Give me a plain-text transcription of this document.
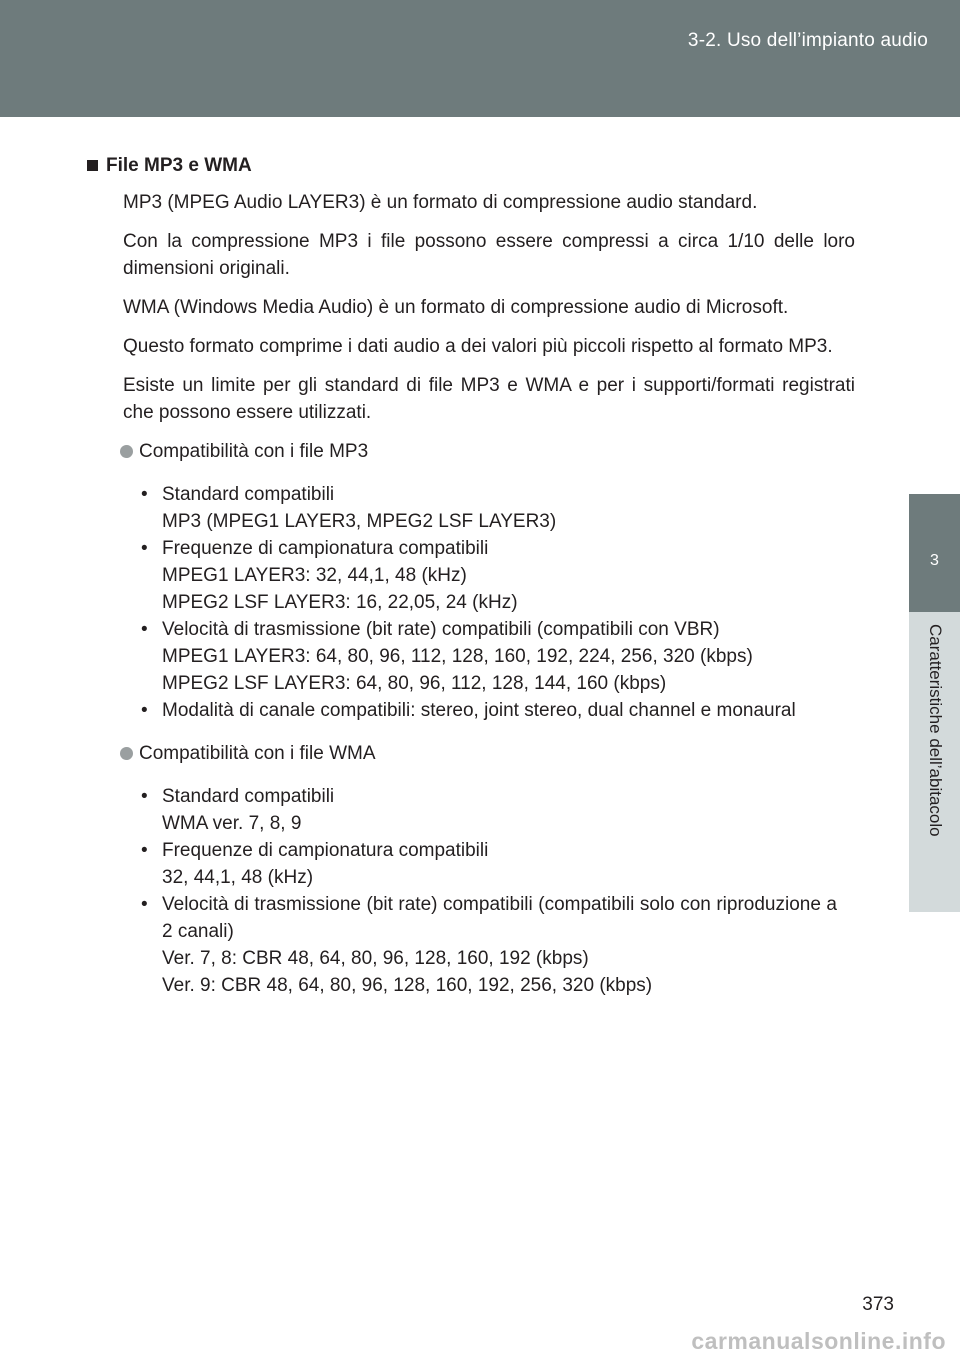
3-2. Uso dell’impianto audio
3
Caratteristiche dell’abitacolo
File MP3 e WMA

MP3 (MPEG Audio LAYER3) è un formato di compressione audio standard.

Con la compressione MP3 i file possono essere compressi a circa 1/10 delle loro dimensioni originali.

WMA (Windows Media Audio) è un formato di compressione audio di Microsoft.

Questo formato comprime i dati audio a dei valori più piccoli rispetto al formato MP3.

Esiste un limite per gli standard di file MP3 e WMA e per i supporti/formati registrati che possono essere utilizzati.

Compatibilità con i file MP3
• Standard compatibili
MP3 (MPEG1 LAYER3, MPEG2 LSF LAYER3)
• Frequenze di campionatura compatibili
MPEG1 LAYER3: 32, 44,1, 48 (kHz)
MPEG2 LSF LAYER3: 16, 22,05, 24 (kHz)
• Velocità di trasmissione (bit rate) compatibili (compatibili con VBR)
MPEG1 LAYER3: 64, 80, 96, 112, 128, 160, 192, 224, 256, 320 (kbps)
MPEG2 LSF LAYER3: 64, 80, 96, 112, 128, 144, 160 (kbps)
• Modalità di canale compatibili: stereo, joint stereo, dual channel e monaural
Compatibilità con i file WMA
• Standard compatibili
WMA ver. 7, 8, 9
• Frequenze di campionatura compatibili
32, 44,1, 48 (kHz)
• Velocità di trasmissione (bit rate) compatibili (compatibili solo con riproduzione a 2 canali)
Ver. 7, 8: CBR 48, 64, 80, 96, 128, 160, 192 (kbps)
Ver. 9: CBR 48, 64, 80, 96, 128, 160, 192, 256, 320 (kbps)
373
carmanualsonline.info
